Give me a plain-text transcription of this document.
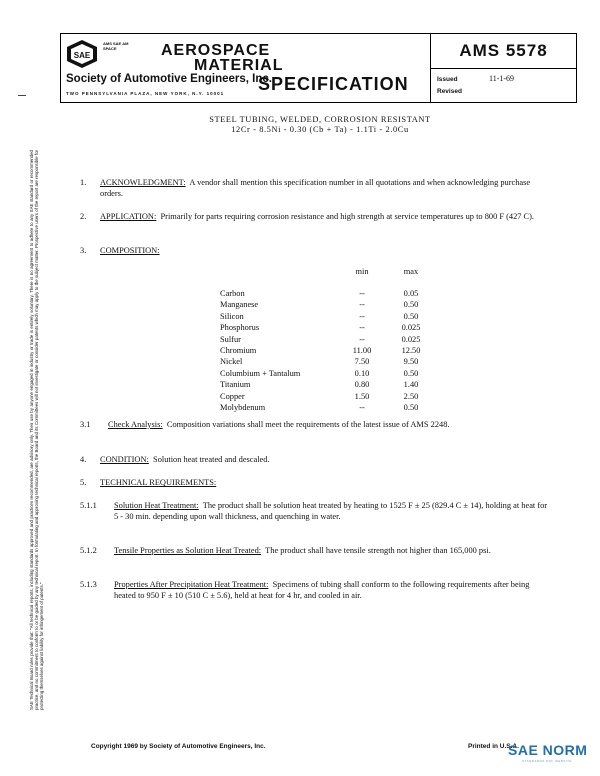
SAE
AMS SAE AM SPACE	AEROSPACE
MATERIAL
SPECIFICATION
Society of Automotive Engineers, Inc.
TWO PENNSYLVANIA PLAZA, NEW YORK, N.Y. 10001
AMS 5578
Issued	11-1-69
Revised
SAE Technical Board rules provide that: "All technical reports, including standards approved and practices recommended, are advisory only. Their use by anyone engaged in industry or trade is entirely voluntary. There is no agreement to adhere to any SAE standard or recommended practice, and no commitment to conform to or be guided by any technical report. In formulating and approving technical reports, the Board and its Committees will not investigate or consider patents which may apply to the subject matter. Prospective users of the report are responsible for protecting themselves against liability for infringement of patents."
STEEL TUBING, WELDED, CORROSION RESISTANT
12Cr - 8.5Ni - 0.30 (Cb + Ta) - 1.1Ti - 2.0Cu
1. ACKNOWLEDGMENT: A vendor shall mention this specification number in all quotations and when acknowledging purchase orders.
2. APPLICATION: Primarily for parts requiring corrosion resistance and high strength at service temperatures up to 800 F (427 C).
3. COMPOSITION:
	min	max
Carbon	--	0.05
Manganese	--	0.50
Silicon	--	0.50
Phosphorus	--	0.025
Sulfur	--	0.025
Chromium	11.00	12.50
Nickel	7.50	9.50
Columbium + Tantalum	0.10	0.50
Titanium	0.80	1.40
Copper	1.50	2.50
Molybdenum	--	0.50
3.1 Check Analysis: Composition variations shall meet the requirements of the latest issue of AMS 2248.
4. CONDITION: Solution heat treated and descaled.
5. TECHNICAL REQUIREMENTS:
5.1.1 Solution Heat Treatment: The product shall be solution heat treated by heating to 1525 F ± 25 (829.4 C ± 14), holding at heat for 5 - 30 min. depending upon wall thickness, and quenching in water.
5.1.2 Tensile Properties as Solution Heat Treated: The product shall have tensile strength not higher than 165,000 psi.
5.1.3 Properties After Precipitation Heat Treatment: Specimens of tubing shall conform to the following requirements after being heated to 950 F ± 10 (510 C ± 5.6), held at heat for 4 hr, and cooled in air.
Copyright 1969 by Society of Automotive Engineers, Inc.	Printed in U.S.A.
SAE NORM
STANDARDS PDF WEBSITE
